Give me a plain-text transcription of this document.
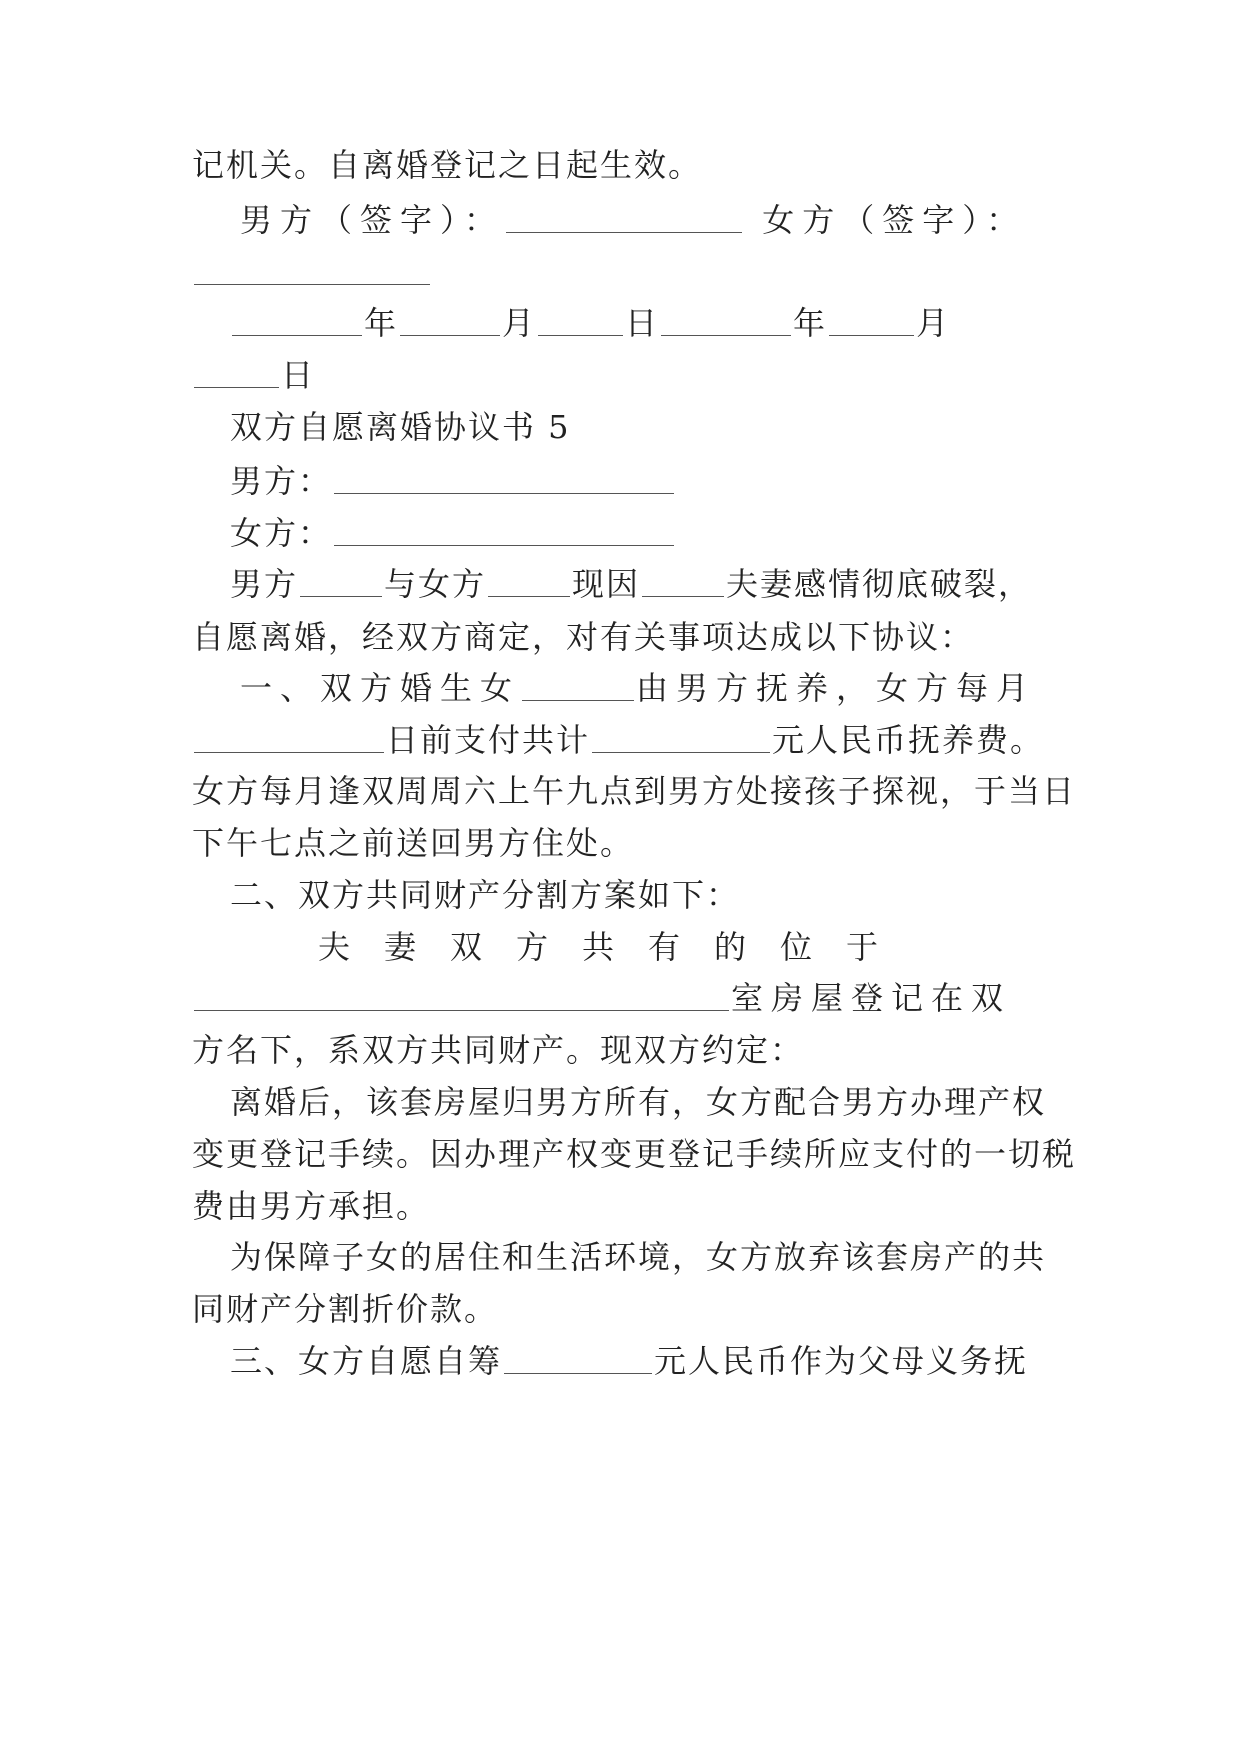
记机关。自离婚登记之日起生效。
男方（签字）：	女方（签字）：
年	月	日	年	月
日
双方自愿离婚协议书 5
男方：
女方：
男方	与女方	现因	夫妻感情彻底破裂，
自愿离婚，经双方商定，对有关事项达成以下协议：
一、双方婚生女	由男方抚养，女方每月
日前支付共计	元人民币抚养费。
女方每月逢双周周六上午九点到男方处接孩子探视，于当日
下午七点之前送回男方住处。
二、双方共同财产分割方案如下：
夫妻双方共有的位于
室房屋登记在双
方名下，系双方共同财产。现双方约定：
离婚后，该套房屋归男方所有，女方配合男方办理产权
变更登记手续。因办理产权变更登记手续所应支付的一切税
费由男方承担。
为保障子女的居住和生活环境，女方放弃该套房产的共
同财产分割折价款。
三、女方自愿自筹	元人民币作为父母义务抚
